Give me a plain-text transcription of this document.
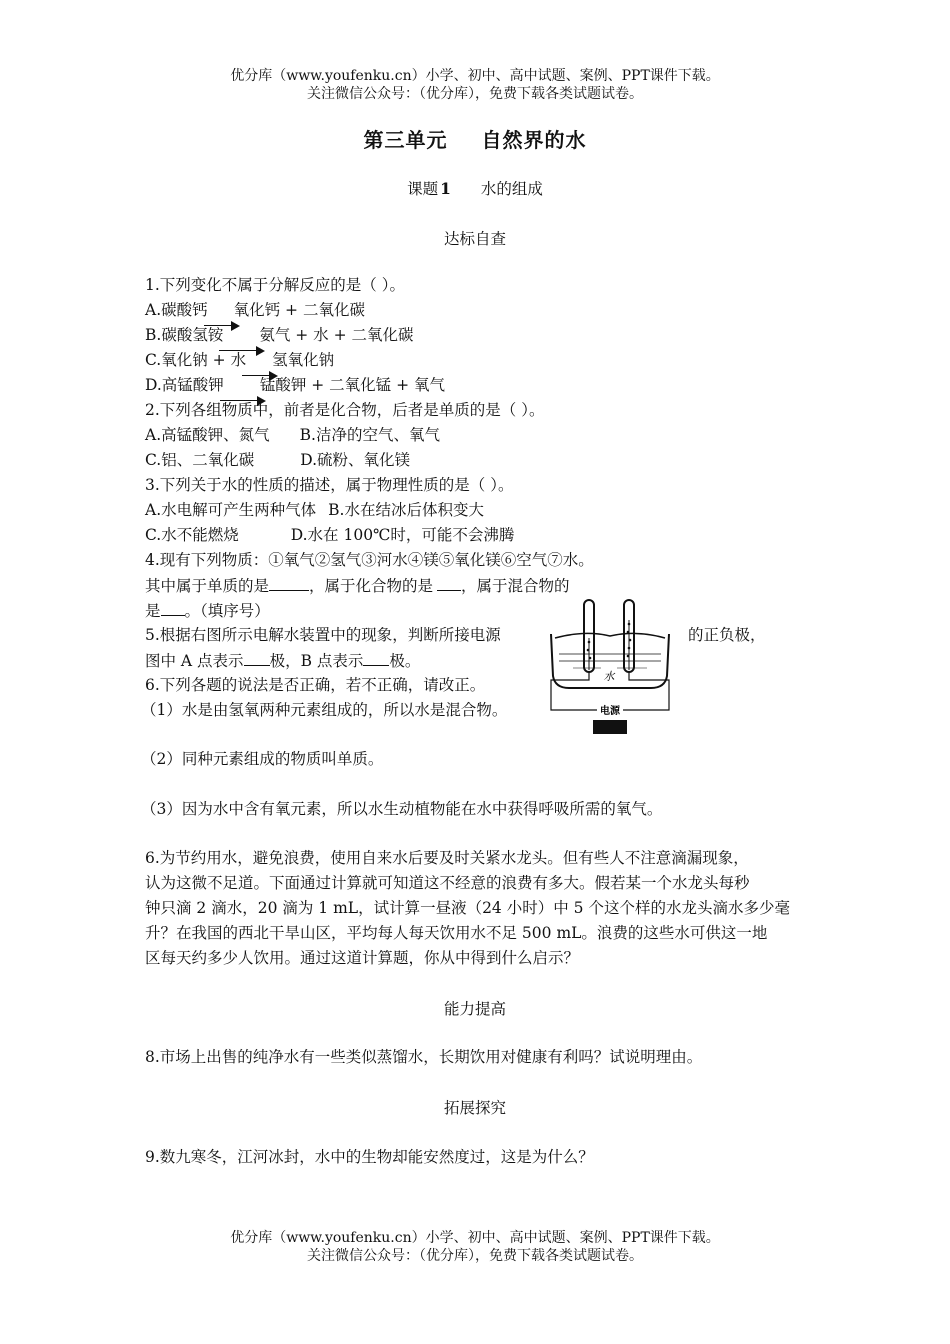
优分库（www.youfenku.cn）小学、初中、高中试题、案例、PPT课件下载。
关注微信公众号：（优分库），免费下载各类试题试卷。
第三单元 自然界的水
课题 1 水的组成
达标自查
1.下列变化不属于分解反应的是（ ）。
A.碳酸钙 氧化钙 + 二氧化碳
B.碳酸氢铵 氨气 + 水 + 二氧化碳
C.氧化钠 + 水 氢氧化钠
D.高锰酸钾 锰酸钾 + 二氧化锰 + 氧气
2.下列各组物质中，前者是化合物，后者是单质的是（ ）。
A.高锰酸钾、氮气 B.洁净的空气、氧气
C.铝、二氧化碳	D.硫粉、氧化镁
3.下列关于水的性质的描述，属于物理性质的是（ ）。
A.水电解可产生两种气体 B.水在结冰后体积变大
C.水不能燃烧	D.水在 100℃时，可能不会沸腾
4.现有下列物质：①氧气②氢气③河水④镁⑤氧化镁⑥空气⑦水。
其中属于单质的是	，属于化合物的是 ，属于混合物的
是 。（填序号）
5.根据右图所示电解水装置中的现象，判断所接电源	的正负极，
图中 A 点表示 极，B 点表示 极。
水
电源
6.下列各题的说法是否正确，若不正确，请改正。
（1）水是由氢氧两种元素组成的，所以水是混合物。
（2）同种元素组成的物质叫单质。
（3）因为水中含有氧元素，所以水生动植物能在水中获得呼吸所需的氧气。
6.为节约用水，避免浪费，使用自来水后要及时关紧水龙头。但有些人不注意滴漏现象，
认为这微不足道。下面通过计算就可知道这不经意的浪费有多大。假若某一个水龙头每秒
钟只滴 2 滴水，20 滴为 1 mL，试计算一昼液（24 小时）中 5 个这个样的水龙头滴水多少毫
升？在我国的西北干旱山区，平均每人每天饮用水不足 500 mL。浪费的这些水可供这一地
区每天约多少人饮用。通过这道计算题，你从中得到什么启示？
能力提高
8.市场上出售的纯净水有一些类似蒸馏水，长期饮用对健康有利吗？试说明理由。
拓展探究
9.数九寒冬，江河冰封，水中的生物却能安然度过，这是为什么？
优分库（www.youfenku.cn）小学、初中、高中试题、案例、PPT课件下载。
关注微信公众号：（优分库），免费下载各类试题试卷。
